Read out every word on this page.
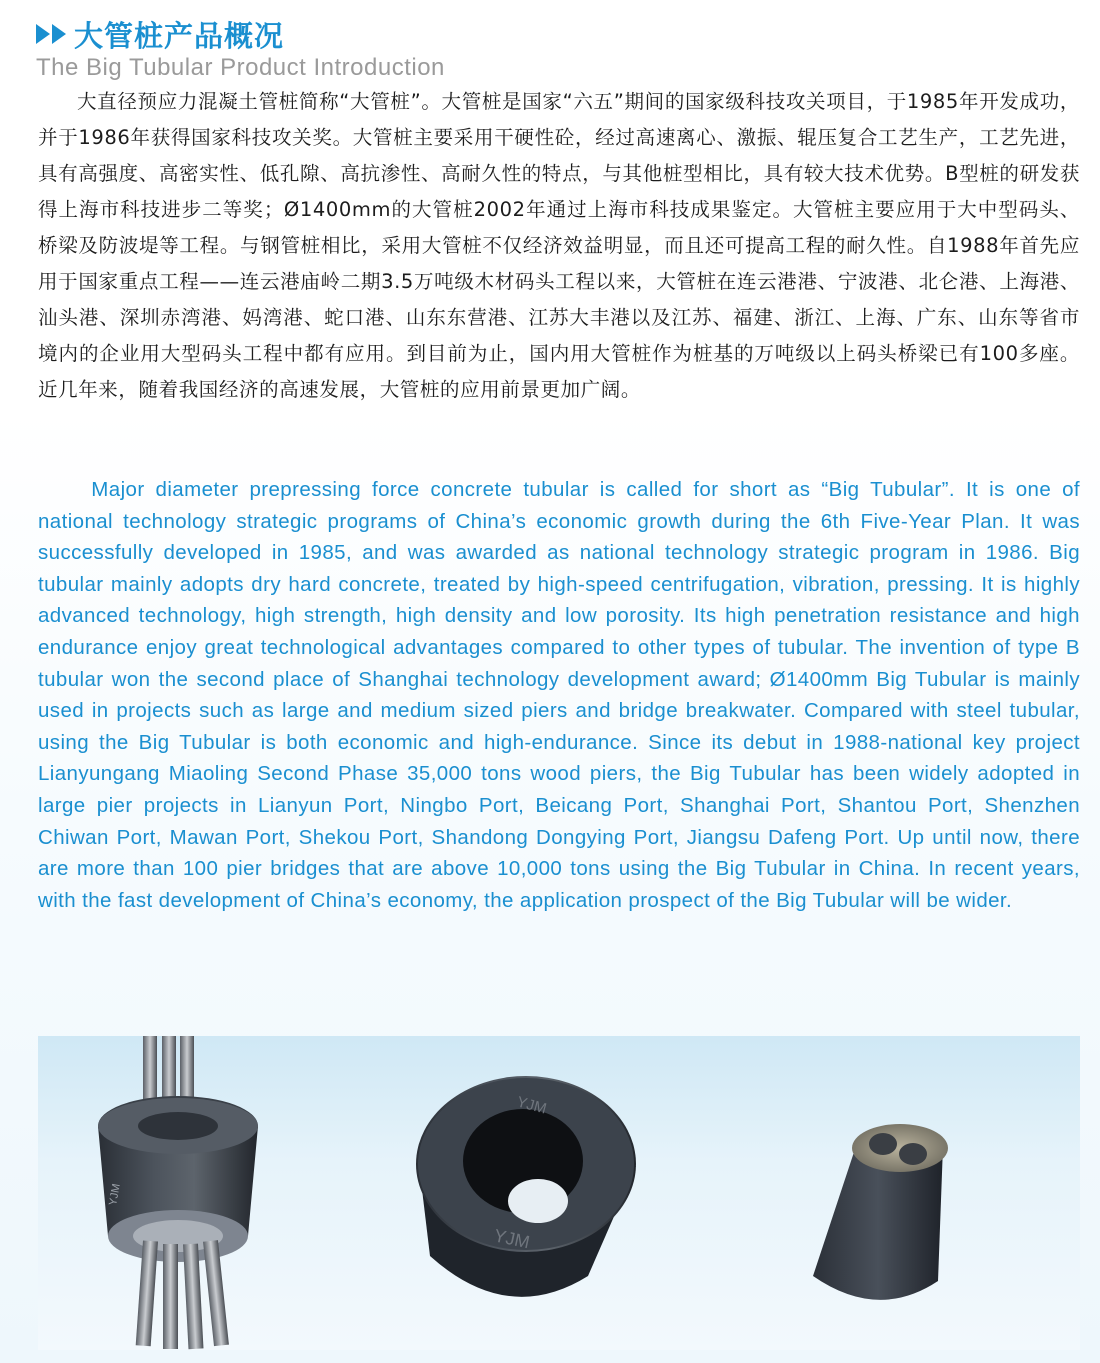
大管桩产品概况
The Big Tubular Product Introduction

大直径预应力混凝土管桩简称“大管桩”。大管桩是国家“六五”期间的国家级科技攻关项目，于1985年开发成功，并于1986年获得国家科技攻关奖。大管桩主要采用干硬性砼，经过高速离心、激振、辊压复合工艺生产，工艺先进，具有高强度、高密实性、低孔隙、高抗渗性、高耐久性的特点，与其他桩型相比，具有较大技术优势。B型桩的研发获得上海市科技进步二等奖；Ø1400mm的大管桩2002年通过上海市科技成果鉴定。大管桩主要应用于大中型码头、桥梁及防波堤等工程。与钢管桩相比，采用大管桩不仅经济效益明显，而且还可提高工程的耐久性。自1988年首先应用于国家重点工程——连云港庙岭二期3.5万吨级木材码头工程以来，大管桩在连云港港、宁波港、北仑港、上海港、汕头港、深圳赤湾港、妈湾港、蛇口港、山东东营港、江苏大丰港以及江苏、福建、浙江、上海、广东、山东等省市境内的企业用大型码头工程中都有应用。到目前为止，国内用大管桩作为桩基的万吨级以上码头桥梁已有100多座。近几年来，随着我国经济的高速发展，大管桩的应用前景更加广阔。

Major diameter prepressing force concrete tubular is called for short as “Big Tubular”. It is one of national technology strategic programs of China’s economic growth during the 6th Five-Year Plan. It was successfully developed in 1985, and was awarded as national technology strategic program in 1986. Big tubular mainly adopts dry hard concrete, treated by high-speed centrifugation, vibration, pressing. It is highly advanced technology, high strength, high density and low porosity. Its high penetration resistance and high endurance enjoy great technological advantages compared to other types of tubular. The invention of type B tubular won the second place of Shanghai technology development award; Ø1400mm Big Tubular is mainly used in projects such as large and medium sized piers and bridge breakwater. Compared with steel tubular, using the Big Tubular is both economic and high-endurance. Since its debut in 1988-national key project Lianyungang Miaoling Second Phase 35,000 tons wood piers, the Big Tubular has been widely adopted in large pier projects in Lianyun Port, Ningbo Port, Beicang Port, Shanghai Port, Shantou Port, Shenzhen Chiwan Port, Mawan Port, Shekou Port, Shandong Dongying Port, Jiangsu Dafeng Port. Up until now, there are more than 100 pier bridges that are above 10,000 tons using the Big Tubular in China. In recent years, with the fast development of China’s economy, the application prospect of the Big Tubular will be wider.

YJM
YJM
YJM
